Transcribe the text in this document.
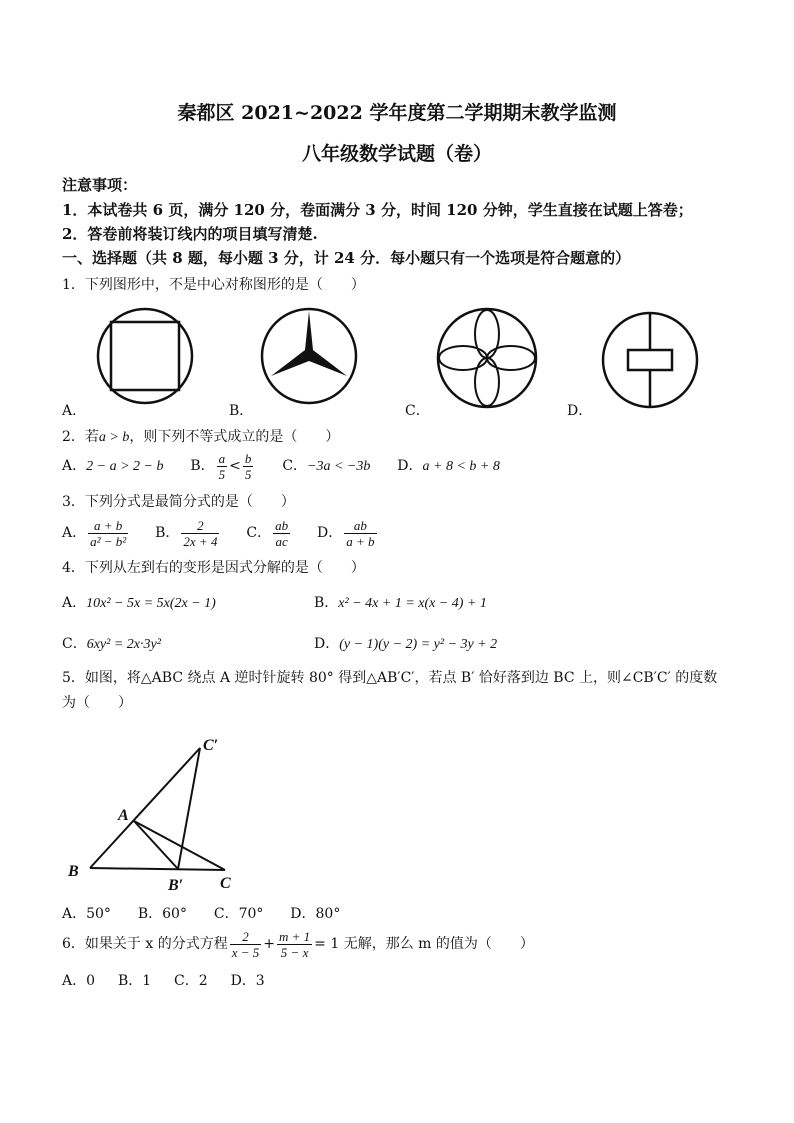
秦都区 2021~2022 学年度第二学期期末教学监测
八年级数学试题（卷）
注意事项：
1．本试卷共 6 页，满分 120 分，卷面满分 3 分，时间 120 分钟，学生直接在试题上答卷；
2．答卷前将装订线内的项目填写清楚.
一、选择题（共 8 题，每小题 3 分，计 24 分．每小题只有一个选项是符合题意的）
1．下列图形中，不是中心对称图形的是（　　）
A．	B．	C．	D．
2．若a > b，则下列不等式成立的是（　　）
A．2 − a > 2 − b B． $\frac{a}{5} < \frac{b}{5}$ C．−3a < −3b D．a + 8 < b + 8
3．下列分式是最简分式的是（　　）
A． $\frac{a + b}{\text{a² − b²}}$ B． $\frac{2}{2x + 4}$ C． $\frac{ab}{ac}$ D． $\frac{ab}{a + b}$
4．下列从左到右的变形是因式分解的是（　　）
A．10x² − 5x = 5x(2x − 1)	B．x² − 4x + 1 = x(x − 4) + 1
C．6xy² = 2x·3y²	D．(y − 1)(y − 2) = y² − 3y + 2
5．如图，将△ABC 绕点 A 逆时针旋转 80° 得到△AB′C′，若点 B′ 恰好落到边 BC 上，则∠CB′C′ 的度数
为（　　）
A
B
B′ C
C′
A．50° B．60° C．70° D．80°
6．如果关于 x 的分式方程 $\frac{2}{x - 5} + \frac{m + 1}{5 - x} = 1$ 无解，那么 m 的值为（　　）
A．0 B．1 C．2 D．3
